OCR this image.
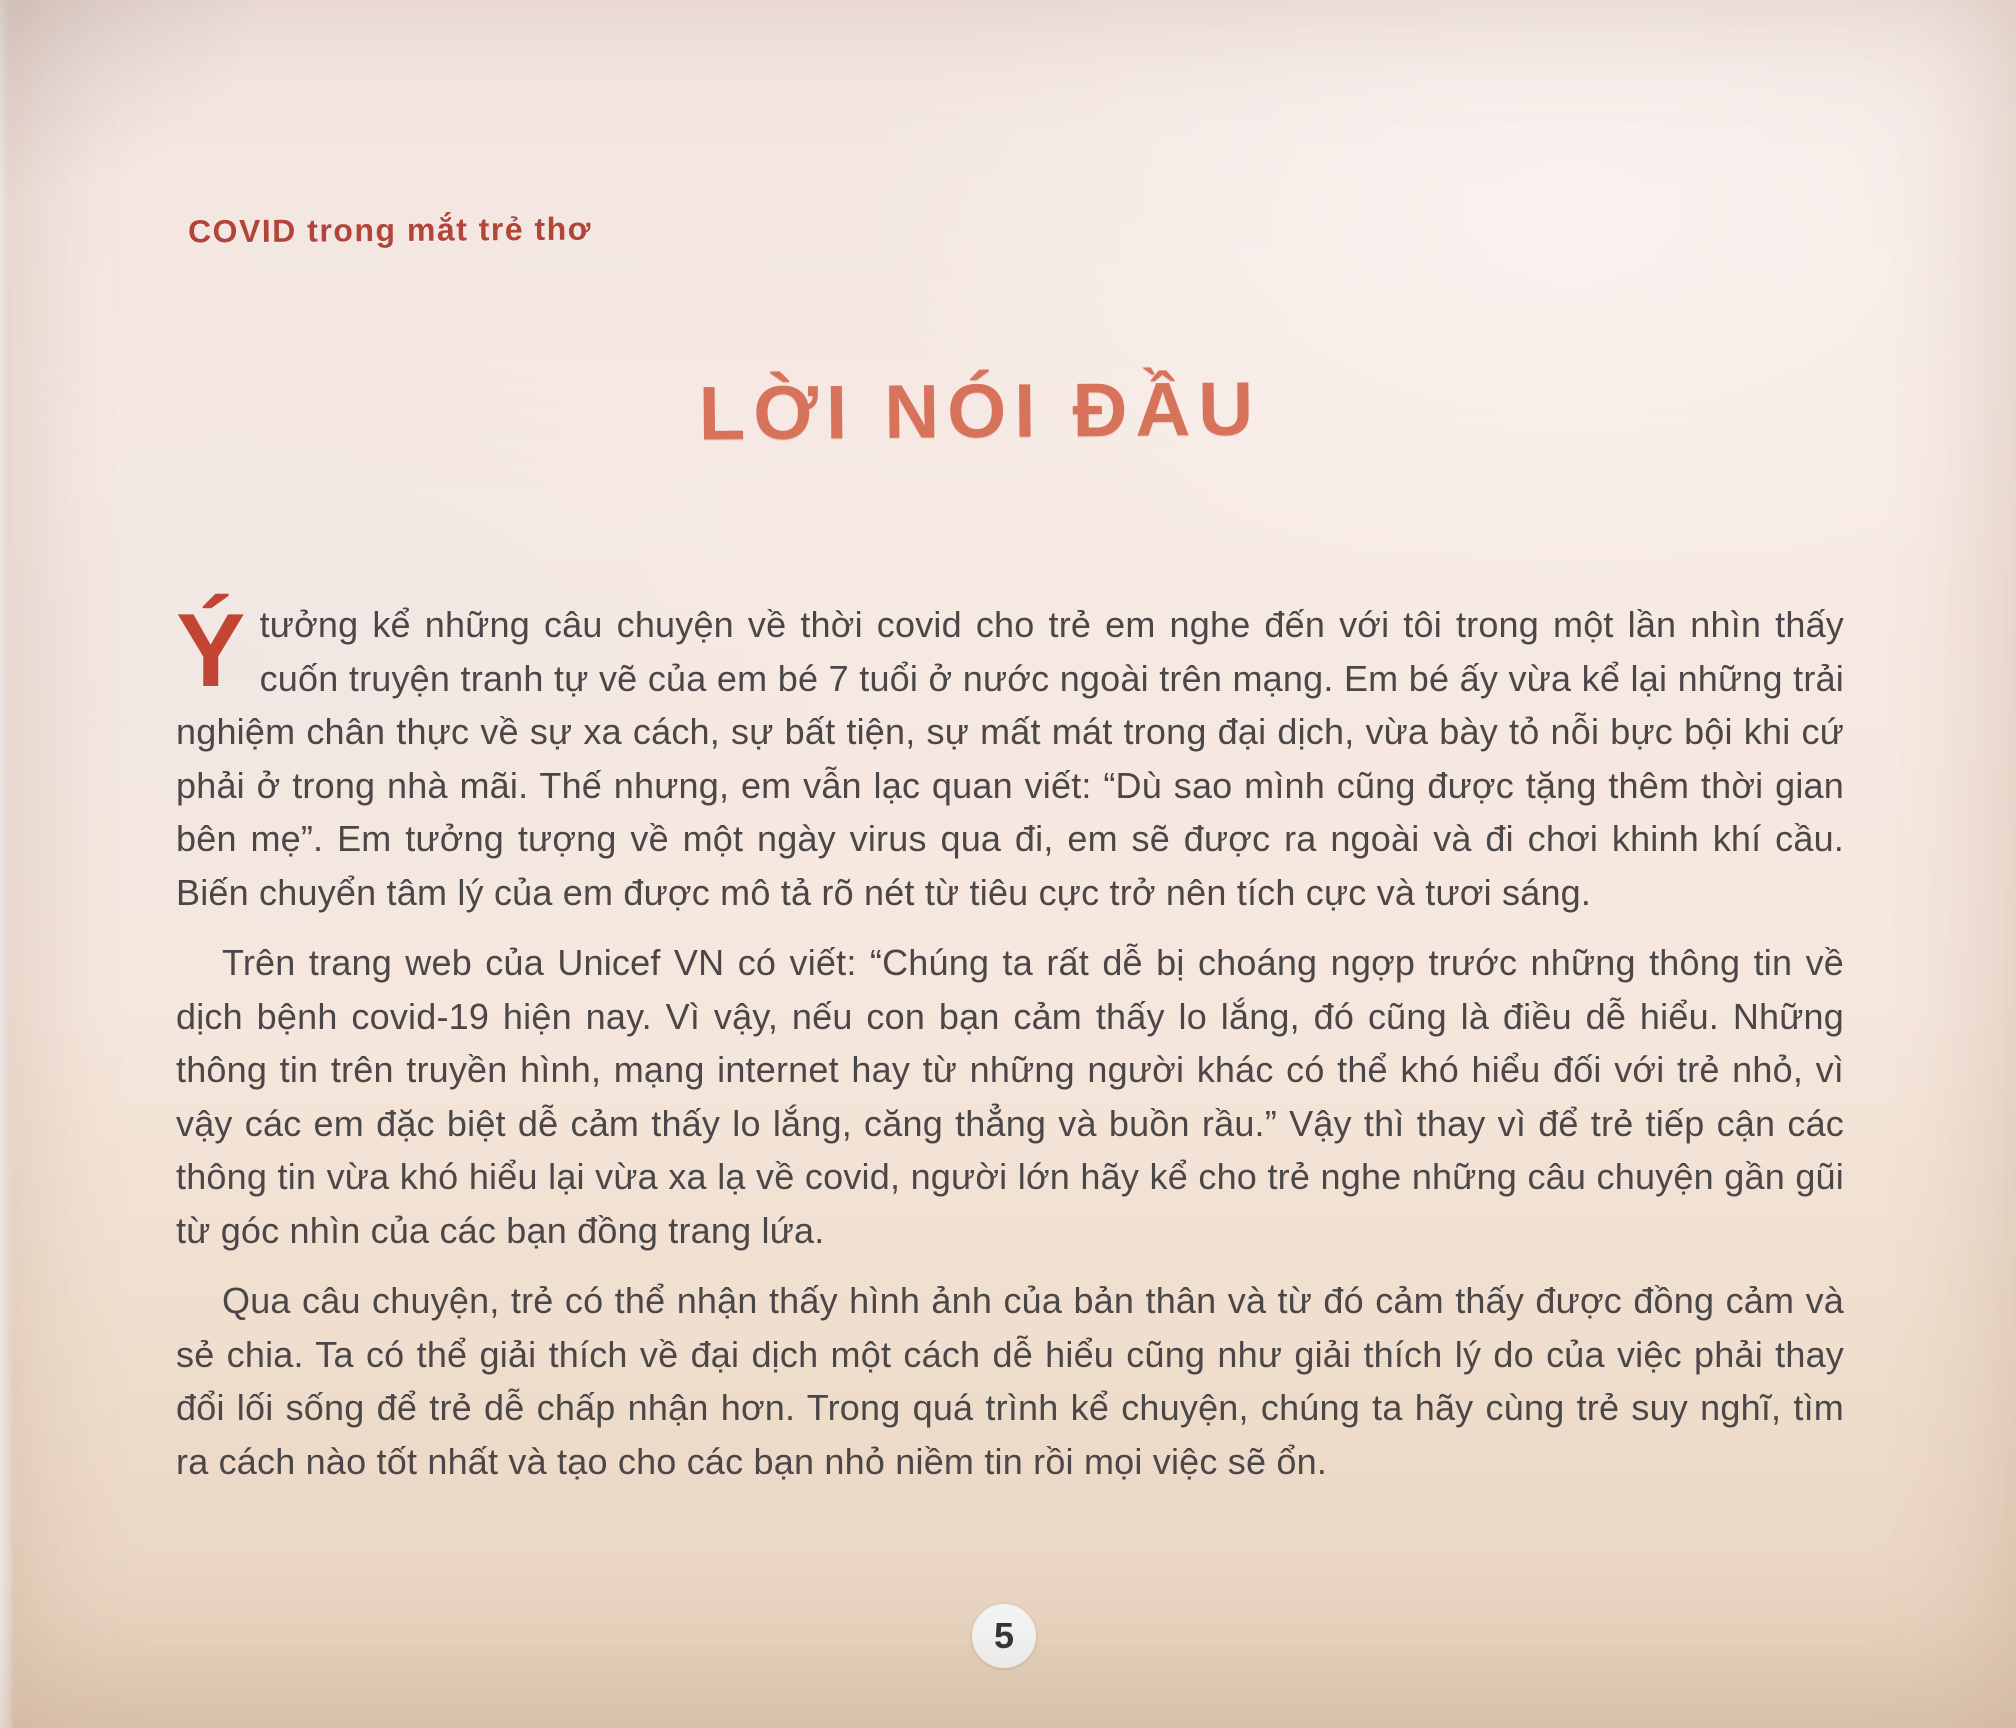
COVID trong mắt trẻ thơ
LỜI NÓI ĐẦU

Ýtưởng kể những câu chuyện về thời covid cho trẻ em nghe đến với tôi trong một lần nhìn thấy cuốn truyện tranh tự vẽ của em bé 7 tuổi ở nước ngoài trên mạng. Em bé ấy vừa kể lại những trải nghiệm chân thực về sự xa cách, sự bất tiện, sự mất mát trong đại dịch, vừa bày tỏ nỗi bực bội khi cứ phải ở trong nhà mãi. Thế nhưng, em vẫn lạc quan viết: “Dù sao mình cũng được tặng thêm thời gian bên mẹ”. Em tưởng tượng về một ngày virus qua đi, em sẽ được ra ngoài và đi chơi khinh khí cầu. Biến chuyển tâm lý của em được mô tả rõ nét từ tiêu cực trở nên tích cực và tươi sáng.

Trên trang web của Unicef VN có viết: “Chúng ta rất dễ bị choáng ngợp trước những thông tin về dịch bệnh covid-19 hiện nay. Vì vậy, nếu con bạn cảm thấy lo lắng, đó cũng là điều dễ hiểu. Những thông tin trên truyền hình, mạng internet hay từ những người khác có thể khó hiểu đối với trẻ nhỏ, vì vậy các em đặc biệt dễ cảm thấy lo lắng, căng thẳng và buồn rầu.” Vậy thì thay vì để trẻ tiếp cận các thông tin vừa khó hiểu lại vừa xa lạ về covid, người lớn hãy kể cho trẻ nghe những câu chuyện gần gũi từ góc nhìn của các bạn đồng trang lứa.

Qua câu chuyện, trẻ có thể nhận thấy hình ảnh của bản thân và từ đó cảm thấy được đồng cảm và sẻ chia. Ta có thể giải thích về đại dịch một cách dễ hiểu cũng như giải thích lý do của việc phải thay đổi lối sống để trẻ dễ chấp nhận hơn. Trong quá trình kể chuyện, chúng ta hãy cùng trẻ suy nghĩ, tìm ra cách nào tốt nhất và tạo cho các bạn nhỏ niềm tin rồi mọi việc sẽ ổn.

5
